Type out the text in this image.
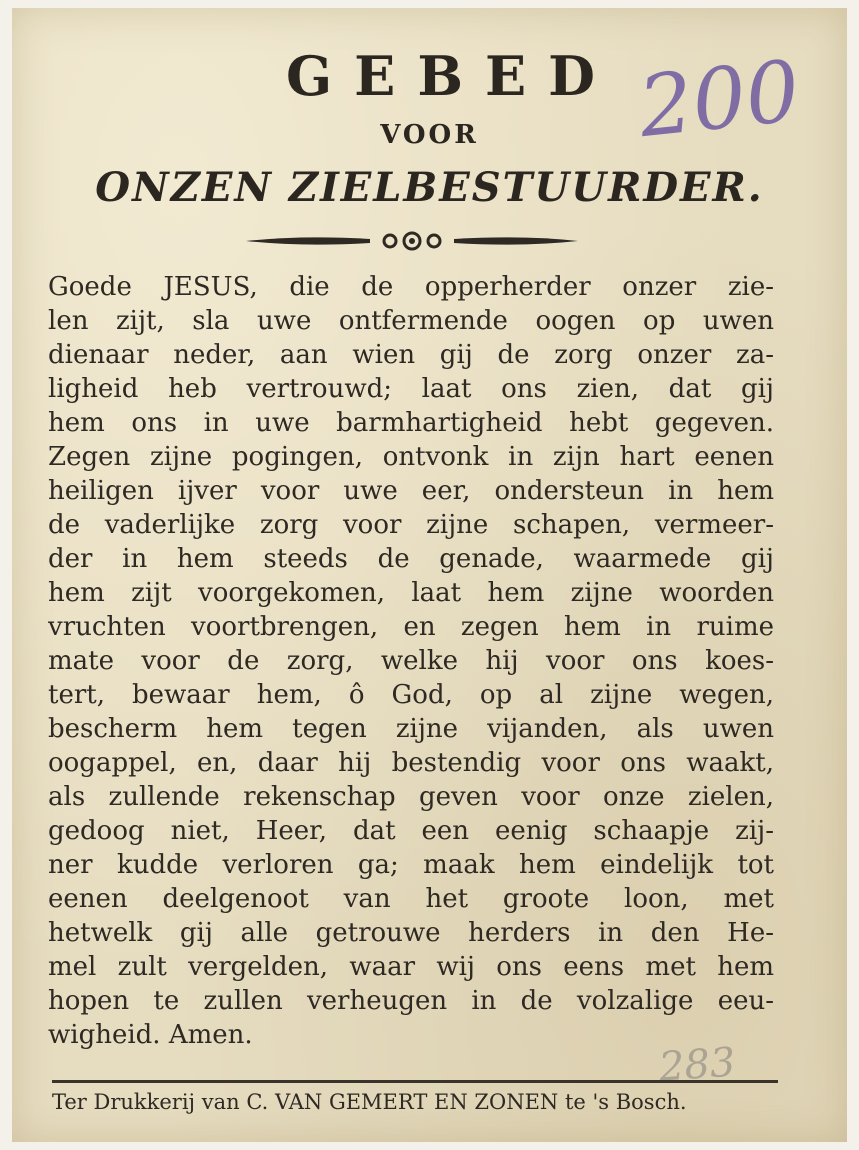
GEBED
VOOR
ONZEN ZIELBESTUURDER.

200

Goede JESUS, die de opperherder onzer zie-
len zijt, sla uwe ontfermende oogen op uwen
dienaar neder, aan wien gij de zorg onzer za-
ligheid heb vertrouwd; laat ons zien, dat gij
hem ons in uwe barmhartigheid hebt gegeven.
Zegen zijne pogingen, ontvonk in zijn hart eenen
heiligen ijver voor uwe eer, ondersteun in hem
de vaderlijke zorg voor zijne schapen, vermeer-
der in hem steeds de genade, waarmede gij
hem zijt voorgekomen, laat hem zijne woorden
vruchten voortbrengen, en zegen hem in ruime
mate voor de zorg, welke hij voor ons koes-
tert, bewaar hem, ô God, op al zijne wegen,
bescherm hem tegen zijne vijanden, als uwen
oogappel, en, daar hij bestendig voor ons waakt,
als zullende rekenschap geven voor onze zielen,
gedoog niet, Heer, dat een eenig schaapje zij-
ner kudde verloren ga; maak hem eindelijk tot
eenen deelgenoot van het groote loon, met
hetwelk gij alle getrouwe herders in den He-
mel zult vergelden, waar wij ons eens met hem
hopen te zullen verheugen in de volzalige eeu-
wigheid. Amen.

283

Ter Drukkerij van C. VAN GEMERT EN ZONEN te 's Bosch.
